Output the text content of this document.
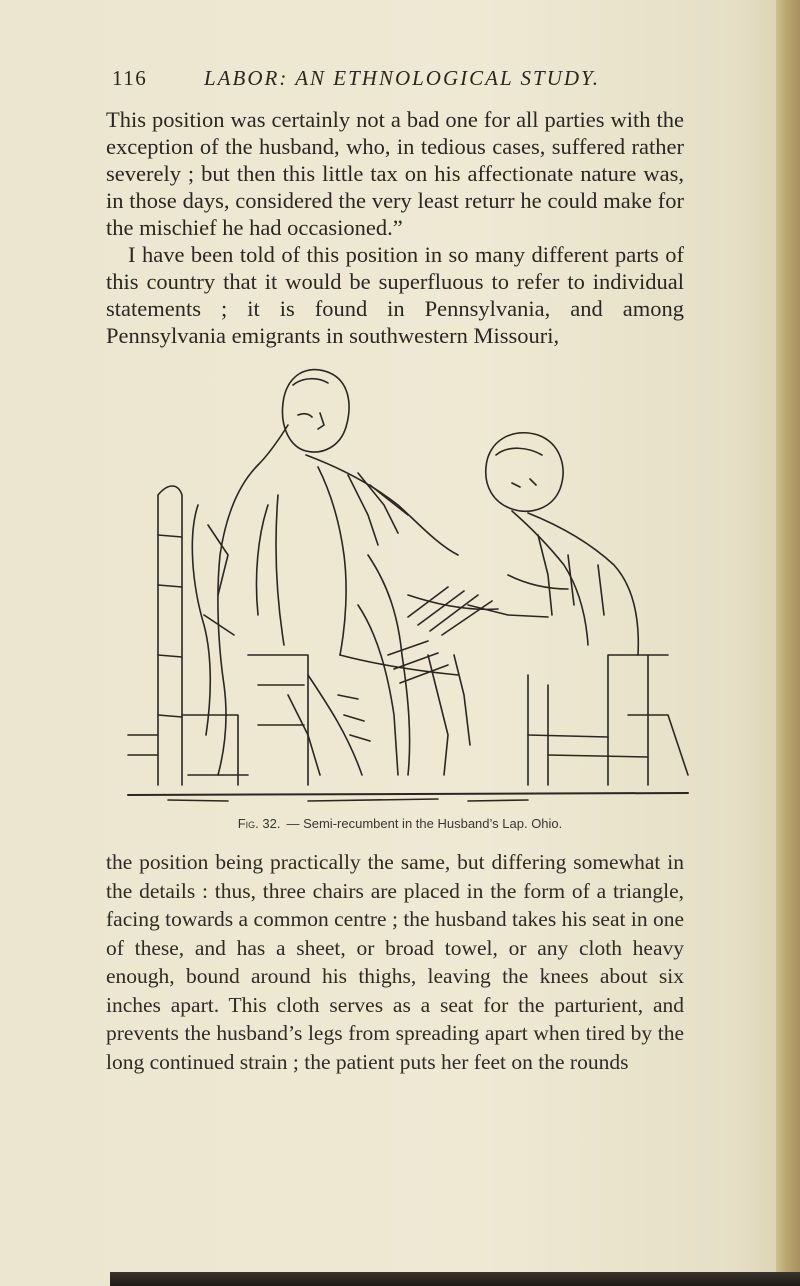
116	LABOR: AN ETHNOLOGICAL STUDY.

This position was certainly not a bad one for all parties with the exception of the husband, who, in tedious cases, suffered rather severely ; but then this little tax on his affectionate nature was, in those days, considered the very least returr he could make for the mischief he had occasioned.”

I have been told of this position in so many different parts of this country that it would be superfluous to refer to individual statements ; it is found in Pennsylvania, and among Pennsylvania emigrants in southwestern Missouri,

Fig. 32. — Semi-recumbent in the Husband’s Lap. Ohio.

the position being practically the same, but differing somewhat in the details : thus, three chairs are placed in the form of a triangle, facing towards a common centre ; the husband takes his seat in one of these, and has a sheet, or broad towel, or any cloth heavy enough, bound around his thighs, leaving the knees about six inches apart. This cloth serves as a seat for the parturient, and prevents the husband’s legs from spreading apart when tired by the long continued strain ; the patient puts her feet on the rounds
